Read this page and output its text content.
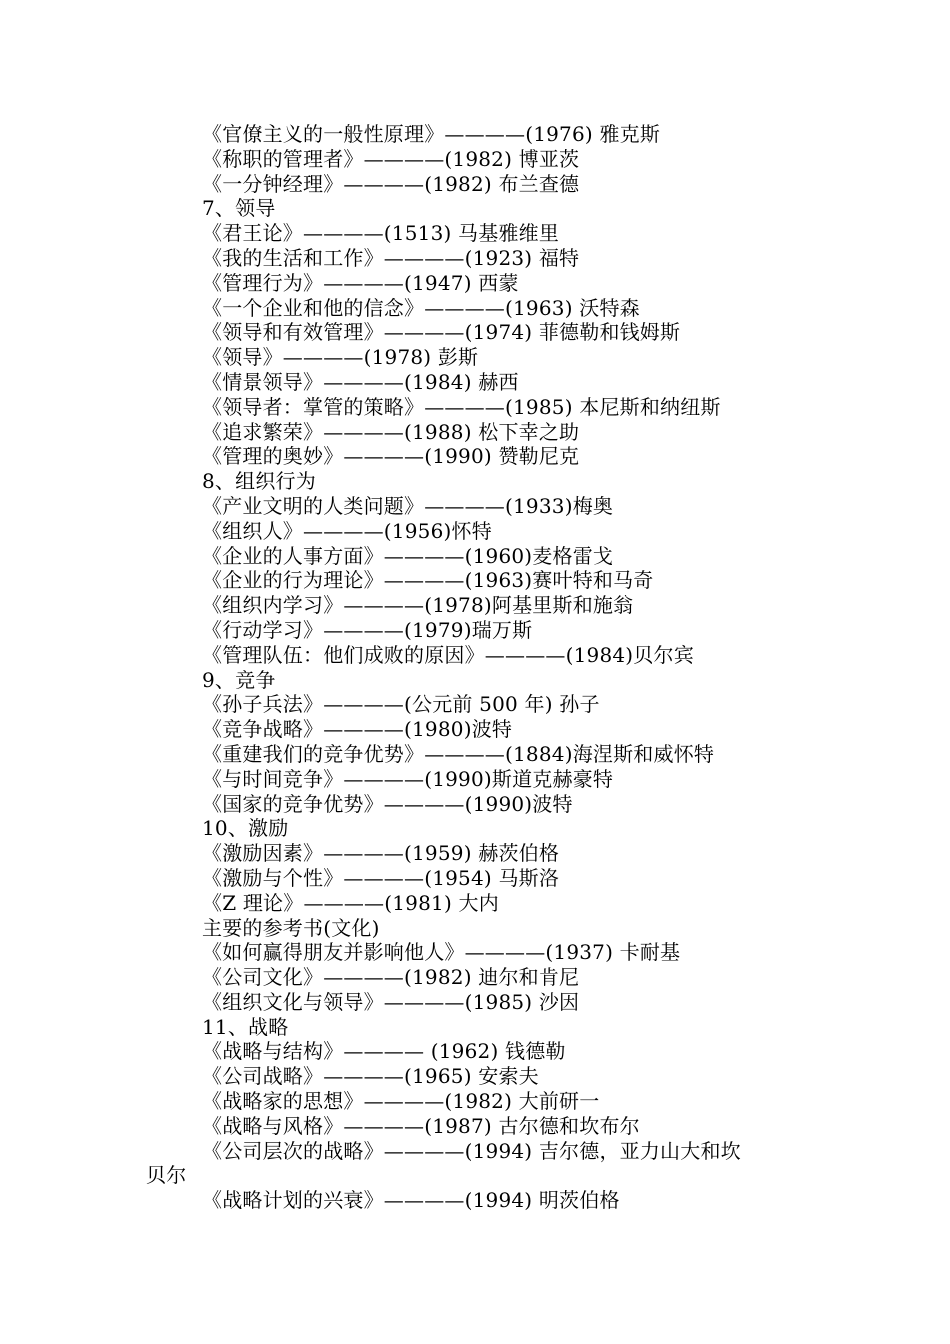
《官僚主义的一般性原理》————(1976) 雅克斯
《称职的管理者》————(1982) 博亚茨
《一分钟经理》————(1982) 布兰查德
7、领导
《君王论》————(1513) 马基雅维里
《我的生活和工作》————(1923) 福特
《管理行为》————(1947) 西蒙
《一个企业和他的信念》————(1963) 沃特森
《领导和有效管理》————(1974) 菲德勒和钱姆斯
《领导》————(1978) 彭斯
《情景领导》————(1984) 赫西
《领导者：掌管的策略》————(1985) 本尼斯和纳纽斯
《追求繁荣》————(1988) 松下幸之助
《管理的奥妙》————(1990) 赞勒尼克
8、组织行为
《产业文明的人类问题》————(1933)梅奥
《组织人》————(1956)怀特
《企业的人事方面》————(1960)麦格雷戈
《企业的行为理论》————(1963)赛叶特和马奇
《组织内学习》————(1978)阿基里斯和施翁
《行动学习》————(1979)瑞万斯
《管理队伍：他们成败的原因》————(1984)贝尔宾
9、竞争
《孙子兵法》————(公元前 500 年) 孙子
《竞争战略》————(1980)波特
《重建我们的竞争优势》————(1884)海涅斯和威怀特
《与时间竞争》————(1990)斯道克赫豪特
《国家的竞争优势》————(1990)波特
10、激励
《激励因素》————(1959) 赫茨伯格
《激励与个性》————(1954) 马斯洛
《Z 理论》————(1981) 大内
主要的参考书(文化)
《如何赢得朋友并影响他人》————(1937) 卡耐基
《公司文化》————(1982) 迪尔和肯尼
《组织文化与领导》————(1985) 沙因
11、战略
《战略与结构》———— (1962) 钱德勒
《公司战略》————(1965) 安索夫
《战略家的思想》————(1982) 大前研一
《战略与风格》————(1987) 古尔德和坎布尔
《公司层次的战略》————(1994) 吉尔德，亚力山大和坎
贝尔
《战略计划的兴衰》————(1994) 明茨伯格
